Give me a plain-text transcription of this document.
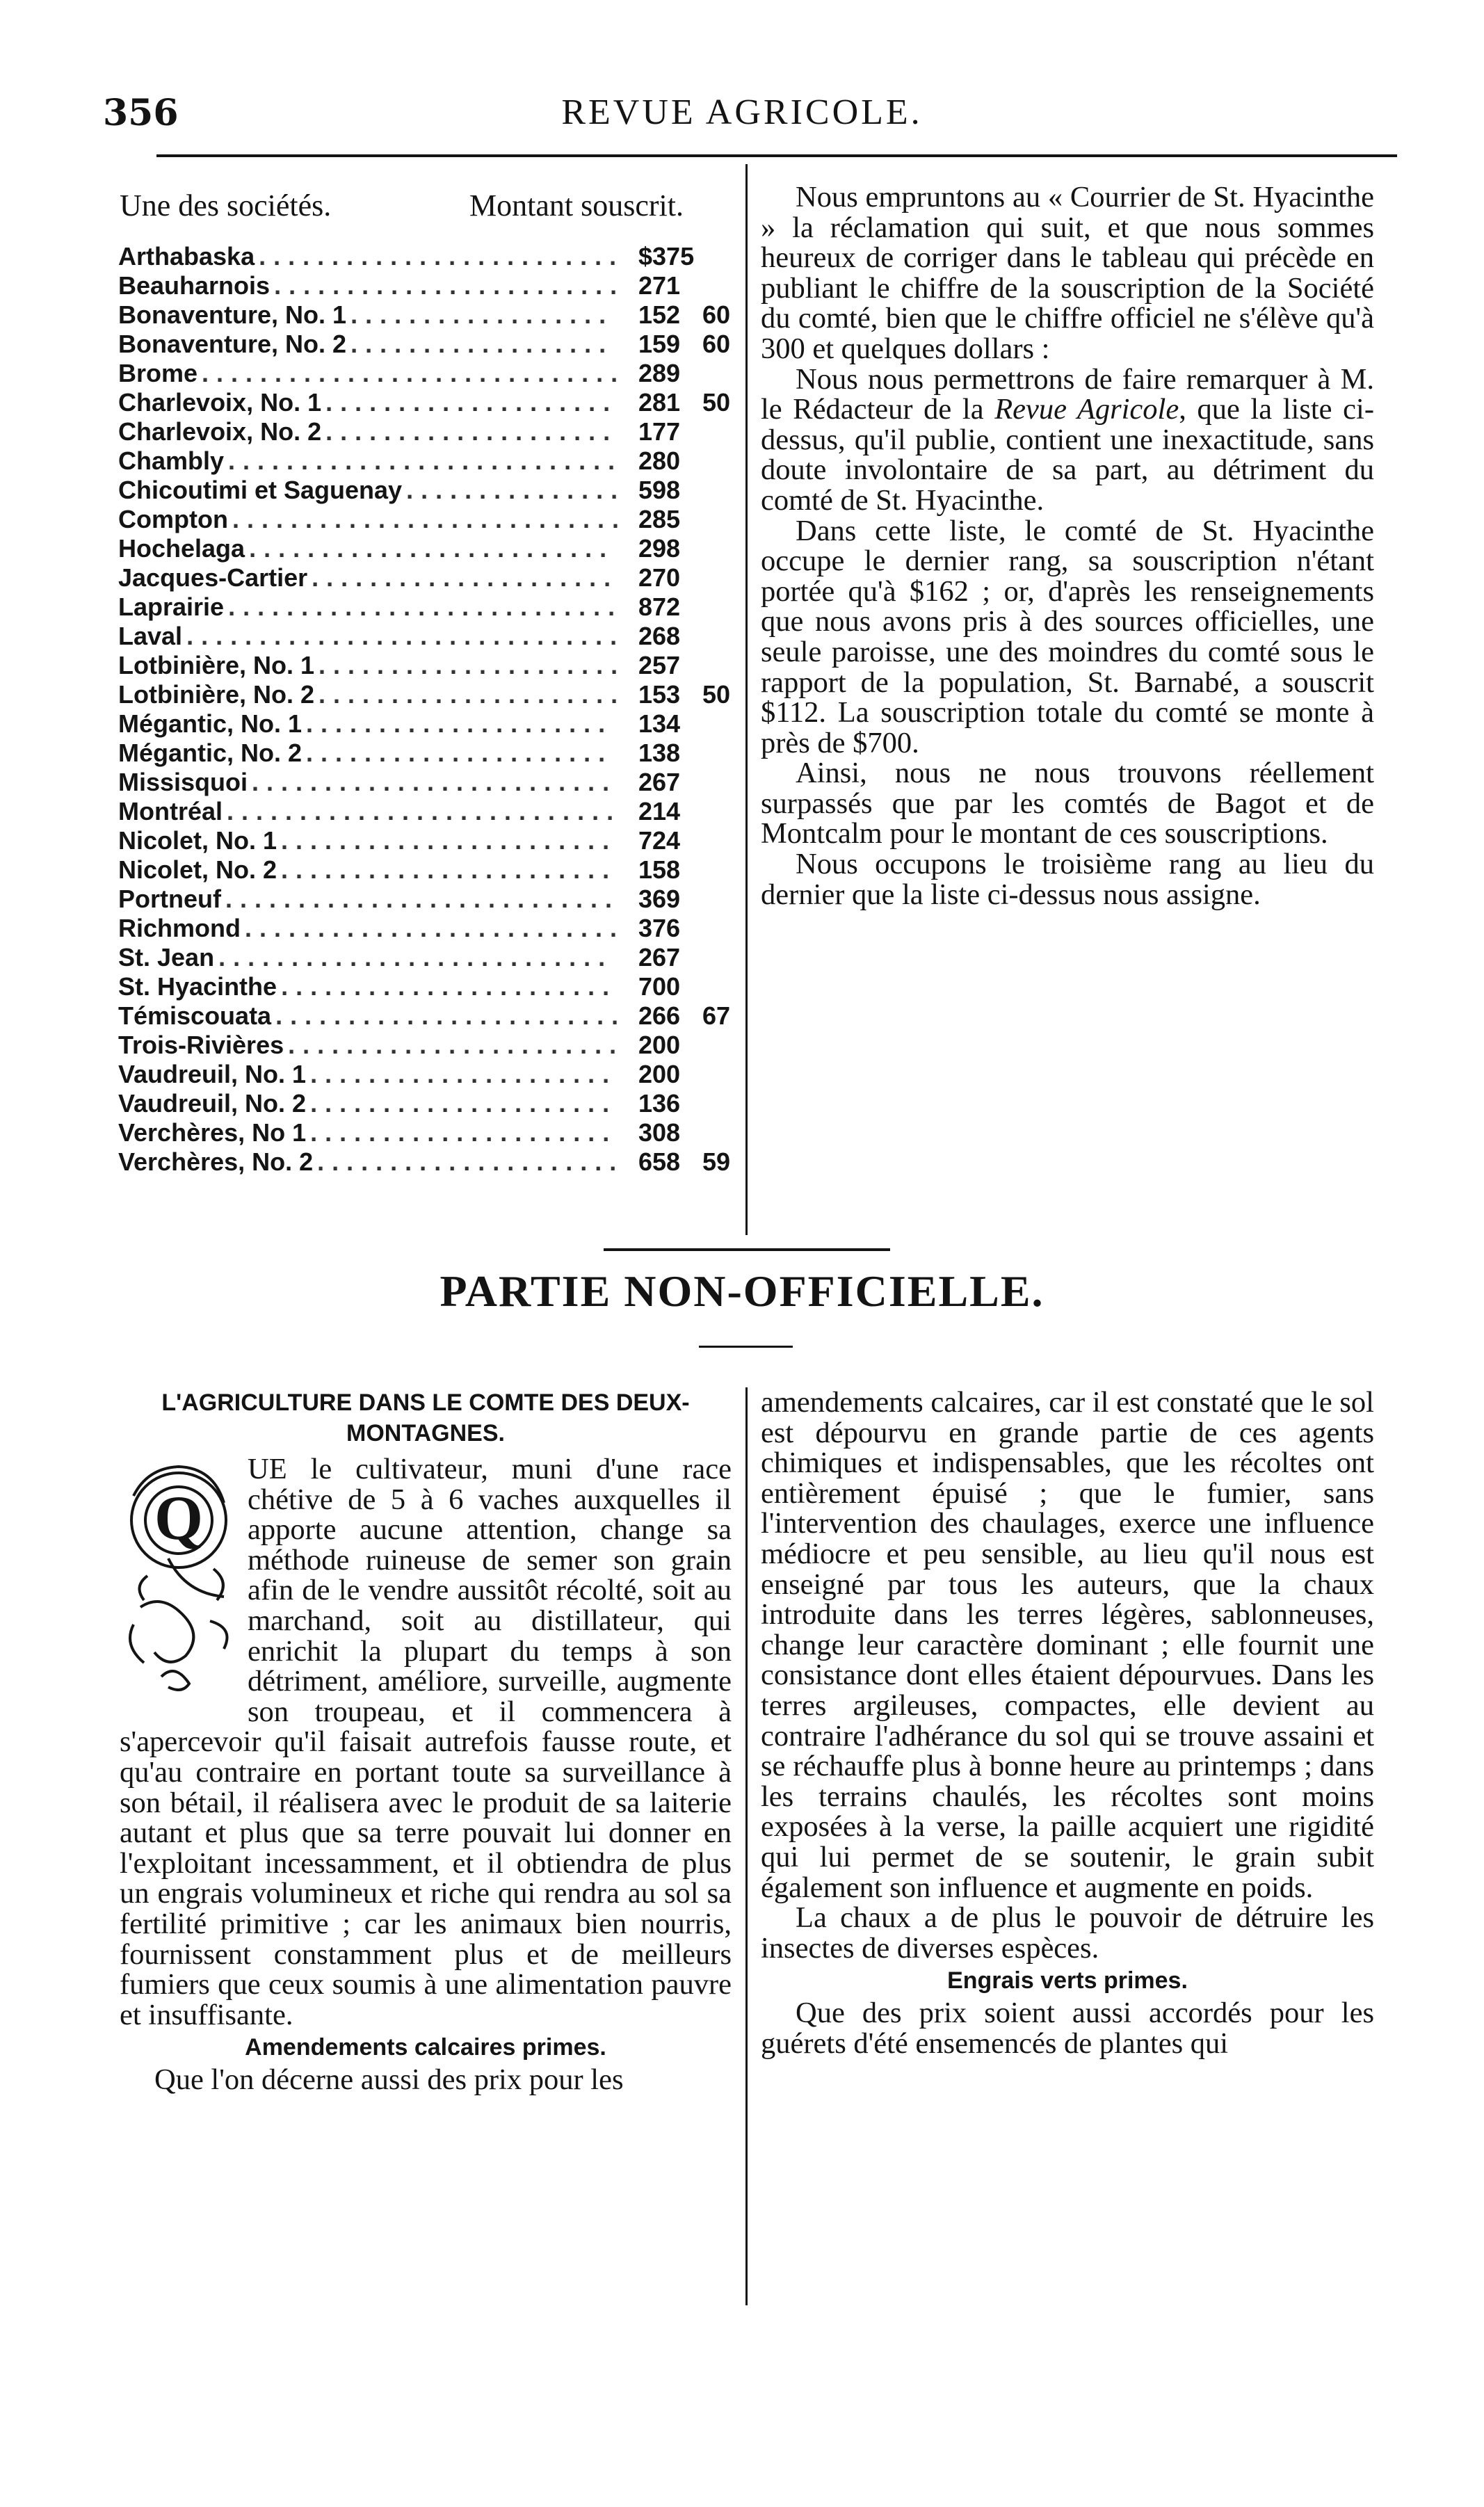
356	REVUE AGRICOLE.
Une des sociétés.	Montant souscrit.
Arthabaska	$375
.........................
Beauharnois	271
........................
Bonaventure, No. 1	152 60
..................
Bonaventure, No. 2	159 60
..................
Brome	289
.............................
Charlevoix, No. 1	281 50
....................
Charlevoix, No. 2	177
....................
Chambly	280
...........................
Chicoutimi et Saguenay	598
...............
Compton	285
...........................
Hochelaga	298
.........................
Jacques-Cartier	270
.....................
Laprairie	872
...........................
Laval	268
..............................
Lotbinière, No. 1	257
.....................
Lotbinière, No. 2	153 50
.....................
Mégantic, No. 1	134
.....................
Mégantic, No. 2	138
.....................
Missisquoi	267
.........................
Montréal	214
...........................
Nicolet, No. 1	724
.......................
Nicolet, No. 2	158
.......................
Portneuf	369
...........................
Richmond	376
..........................
St. Jean	267
...........................
St. Hyacinthe	700
.......................
Témiscouata	266 67
........................
Trois-Rivières	200
.......................
Vaudreuil, No. 1	200
.....................
Vaudreuil, No. 2	136
.....................
Verchères, No 1	308
.....................
Verchères, No. 2	658 59
.....................

Nous empruntons au « Courrier de St. Hyacinthe » la réclamation qui suit, et que nous sommes heureux de corriger dans le tableau qui précède en publiant le chiffre de la souscription de la Société du comté, bien que le chiffre officiel ne s'élève qu'à 300 et quelques dollars :

Nous nous permettrons de faire remarquer à M. le Rédacteur de la Revue Agricole, que la liste ci-dessus, qu'il publie, contient une inexactitude, sans doute involontaire de sa part, au détriment du comté de St. Hyacinthe.

Dans cette liste, le comté de St. Hyacinthe occupe le dernier rang, sa souscription n'étant portée qu'à $162 ; or, d'après les renseignements que nous avons pris à des sources officielles, une seule paroisse, une des moindres du comté sous le rapport de la population, St. Barnabé, a souscrit $112. La souscription totale du comté se monte à près de $700.

Ainsi, nous ne nous trouvons réellement surpassés que par les comtés de Bagot et de Montcalm pour le montant de ces souscriptions.

Nous occupons le troisième rang au lieu du dernier que la liste ci-dessus nous assigne.

PARTIE NON-OFFICIELLE.
L'AGRICULTURE DANS LE COMTE DES DEUX-MONTAGNES.

Q
UE le cultivateur, muni d'une race chétive de 5 à 6 vaches auxquelles il apporte aucune attention, change sa méthode ruineuse de semer son grain afin de le vendre aussitôt récolté, soit au marchand, soit au distillateur, qui enrichit la plupart du temps à son détriment, améliore, surveille, augmente son troupeau, et il commencera à s'apercevoir qu'il faisait autrefois fausse route, et qu'au contraire en portant toute sa surveillance à son bétail, il réalisera avec le produit de sa laiterie autant et plus que sa terre pouvait lui donner en l'exploitant incessamment, et il obtiendra de plus un engrais volumineux et riche qui rendra au sol sa fertilité primitive ; car les animaux bien nourris, fournissent constamment plus et de meilleurs fumiers que ceux soumis à une alimentation pauvre et insuffisante.

Amendements calcaires primes.

Que l'on décerne aussi des prix pour les

amendements calcaires, car il est constaté que le sol est dépourvu en grande partie de ces agents chimiques et indispensables, que les récoltes ont entièrement épuisé ; que le fumier, sans l'intervention des chaulages, exerce une influence médiocre et peu sensible, au lieu qu'il nous est enseigné par tous les auteurs, que la chaux introduite dans les terres légères, sablonneuses, change leur caractère dominant ; elle fournit une consistance dont elles étaient dépourvues. Dans les terres argileuses, compactes, elle devient au contraire l'adhérance du sol qui se trouve assaini et se réchauffe plus à bonne heure au printemps ; dans les terrains chaulés, les récoltes sont moins exposées à la verse, la paille acquiert une rigidité qui lui permet de se soutenir, le grain subit également son influence et augmente en poids.

La chaux a de plus le pouvoir de détruire les insectes de diverses espèces.

Engrais verts primes.

Que des prix soient aussi accordés pour les guérets d'été ensemencés de plantes qui
